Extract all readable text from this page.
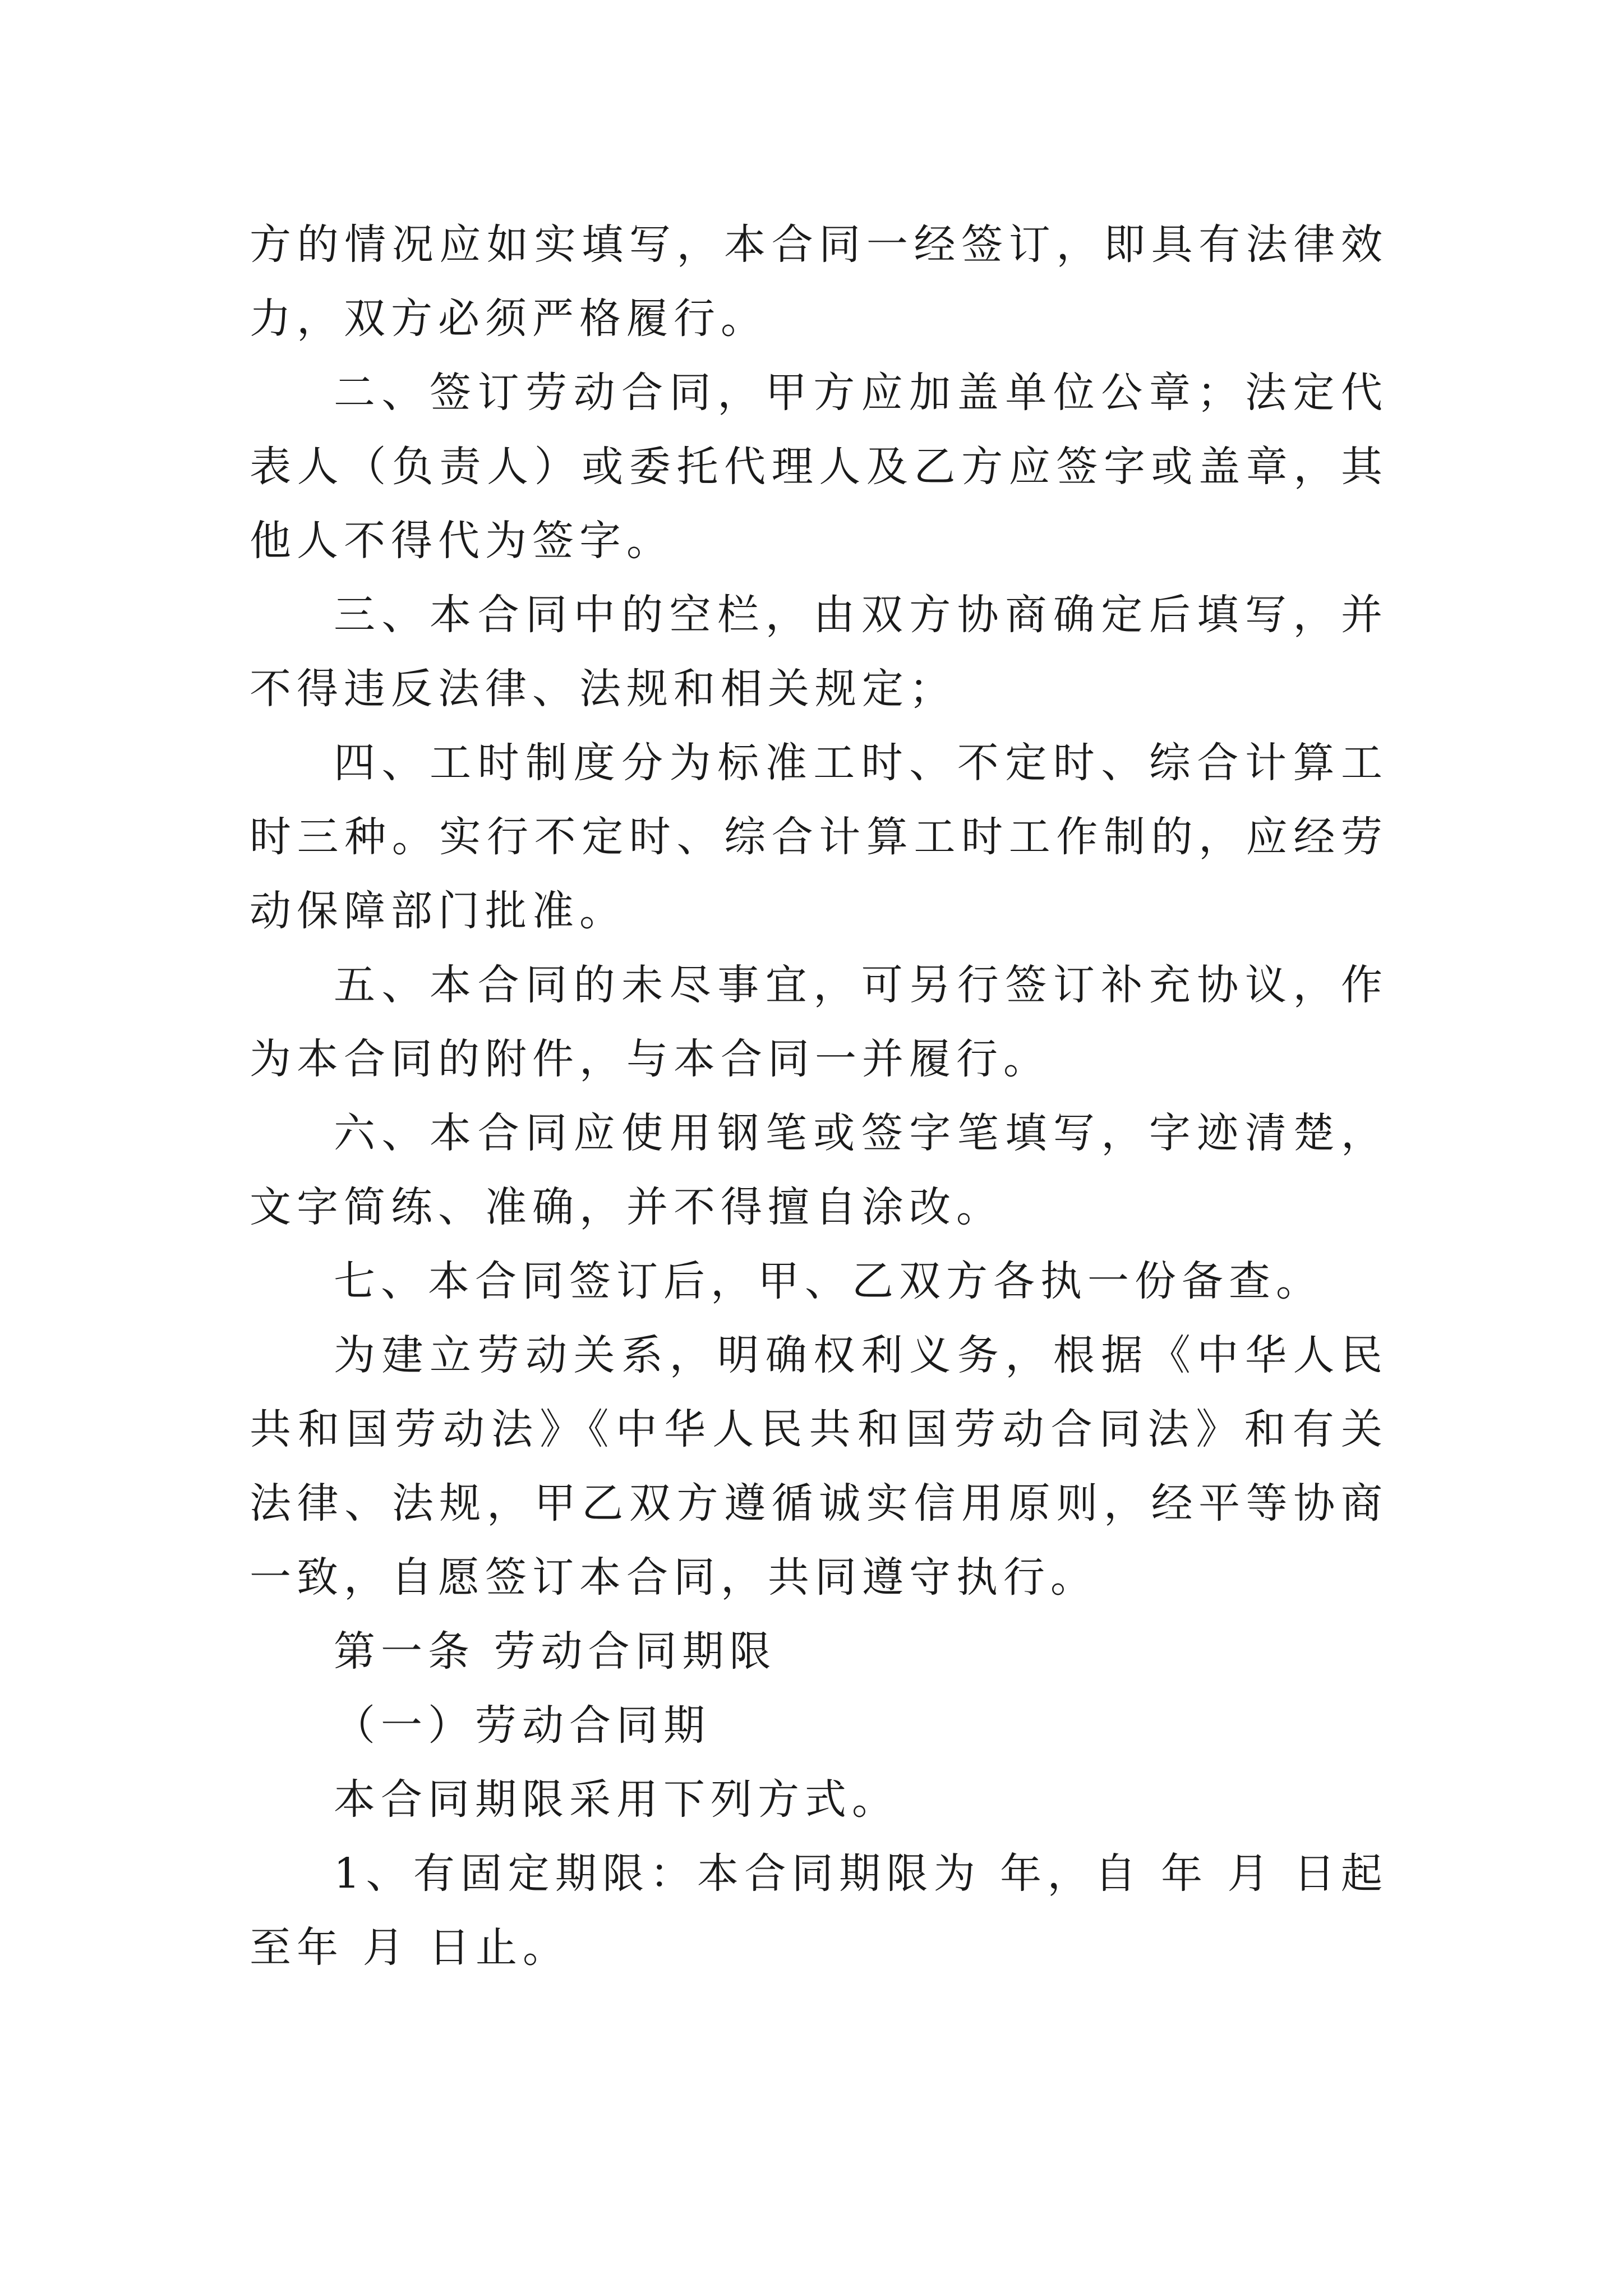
方的情况应如实填写，本合同一经签订，即具有法律效力，双方必须严格履行。

二、签订劳动合同，甲方应加盖单位公章；法定代表人（负责人）或委托代理人及乙方应签字或盖章，其他人不得代为签字。

三、本合同中的空栏，由双方协商确定后填写，并不得违反法律、法规和相关规定；

四、工时制度分为标准工时、不定时、综合计算工时三种。实行不定时、综合计算工时工作制的，应经劳动保障部门批准。

五、本合同的未尽事宜，可另行签订补充协议，作为本合同的附件，与本合同一并履行。

六、本合同应使用钢笔或签字笔填写，字迹清楚，文字简练、准确，并不得擅自涂改。

七、本合同签订后，甲、乙双方各执一份备查。

为建立劳动关系，明确权利义务，根据《中华人民共和国劳动法》《中华人民共和国劳动合同法》和有关法律、法规，甲乙双方遵循诚实信用原则，经平等协商一致，自愿签订本合同，共同遵守执行。

第一条 劳动合同期限

（一）劳动合同期

本合同期限采用下列方式。

1、有固定期限：本合同期限为 年，自 年 月 日起至年 月 日止。
